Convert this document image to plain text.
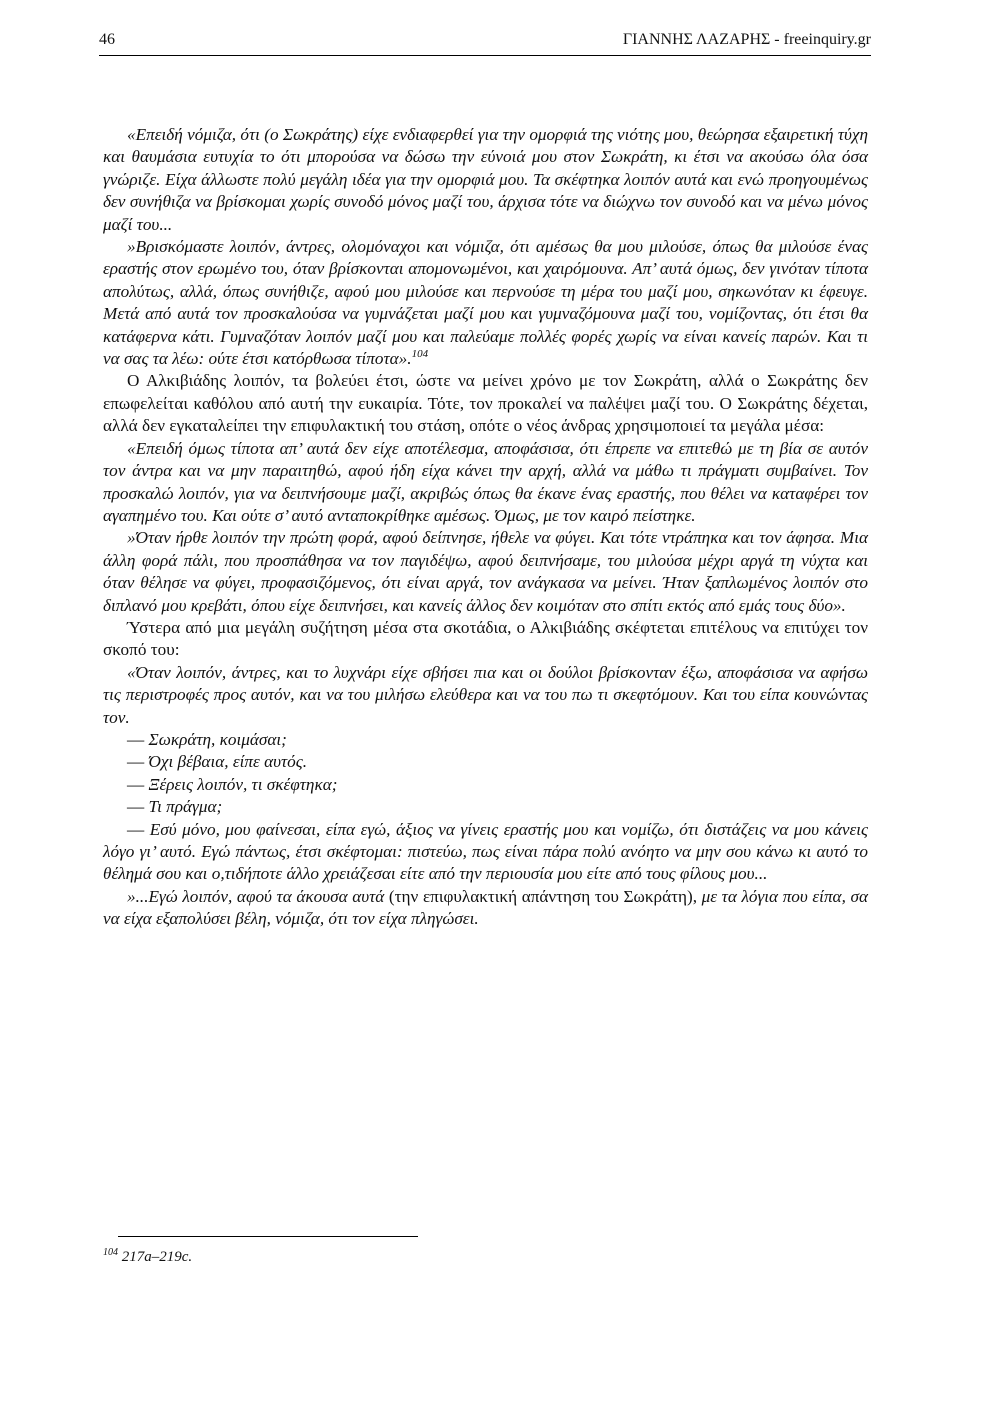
46	ΓΙΑΝΝΗΣ ΛΑΖΑΡΗΣ - freeinquiry.gr

«Επειδή νόμιζα, ότι (ο Σωκράτης) είχε ενδιαφερθεί για την ομορφιά της νιότης μου, θεώρησα εξαιρετική τύχη και θαυμάσια ευτυχία το ότι μπορούσα να δώσω την εύνοιά μου στον Σωκράτη, κι έτσι να ακούσω όλα όσα γνώριζε. Είχα άλλωστε πολύ μεγάλη ιδέα για την ομορφιά μου. Τα σκέφτηκα λοιπόν αυτά και ενώ προηγουμένως δεν συνήθιζα να βρίσκομαι χωρίς συνοδό μόνος μαζί του, άρχισα τότε να διώχνω τον συνοδό και να μένω μόνος μαζί του...

»Βρισκόμαστε λοιπόν, άντρες, ολομόναχοι και νόμιζα, ότι αμέσως θα μου μιλούσε, όπως θα μιλούσε ένας εραστής στον ερωμένο του, όταν βρίσκονται απομονωμένοι, και χαιρόμουνα. Απ’ αυτά όμως, δεν γινόταν τίποτα απολύτως, αλλά, όπως συνήθιζε, αφού μου μιλούσε και περνούσε τη μέρα του μαζί μου, σηκωνόταν κι έφευγε. Μετά από αυτά τον προσκαλούσα να γυμνάζεται μαζί μου και γυμναζόμουνα μαζί του, νομίζοντας, ότι έτσι θα κατάφερνα κάτι. Γυμναζόταν λοιπόν μαζί μου και παλεύαμε πολλές φορές χωρίς να είναι κανείς παρών. Και τι να σας τα λέω: ούτε έτσι κατόρθωσα τίποτα».$^{104}$

Ο Αλκιβιάδης λοιπόν, τα βολεύει έτσι, ώστε να μείνει χρόνο με τον Σωκράτη, αλλά ο Σωκράτης δεν επωφελείται καθόλου από αυτή την ευκαιρία. Τότε, τον προκαλεί να παλέψει μαζί του. Ο Σωκράτης δέχεται, αλλά δεν εγκαταλείπει την επιφυλακτική του στάση, οπότε ο νέος άνδρας χρησιμοποιεί τα μεγάλα μέσα:

«Επειδή όμως τίποτα απ’ αυτά δεν είχε αποτέλεσμα, αποφάσισα, ότι έπρεπε να επιτεθώ με τη βία σε αυτόν τον άντρα και να μην παραιτηθώ, αφού ήδη είχα κάνει την αρχή, αλλά να μάθω τι πράγματι συμβαίνει. Τον προσκαλώ λοιπόν, για να δειπνήσουμε μαζί, ακριβώς όπως θα έκανε ένας εραστής, που θέλει να καταφέρει τον αγαπημένο του. Και ούτε σ’ αυτό ανταποκρίθηκε αμέσως. Όμως, με τον καιρό πείστηκε.

»Όταν ήρθε λοιπόν την πρώτη φορά, αφού δείπνησε, ήθελε να φύγει. Και τότε ντράπηκα και τον άφησα. Μια άλλη φορά πάλι, που προσπάθησα να τον παγιδέψω, αφού δειπνήσαμε, του μιλούσα μέχρι αργά τη νύχτα και όταν θέλησε να φύγει, προφασιζόμενος, ότι είναι αργά, τον ανάγκασα να μείνει. Ήταν ξαπλωμένος λοιπόν στο διπλανό μου κρεβάτι, όπου είχε δειπνήσει, και κανείς άλλος δεν κοιμόταν στο σπίτι εκτός από εμάς τους δύο».

Ύστερα από μια μεγάλη συζήτηση μέσα στα σκοτάδια, ο Αλκιβιάδης σκέφτεται επιτέλους να επιτύχει τον σκοπό του:

«Όταν λοιπόν, άντρες, και το λυχνάρι είχε σβήσει πια και οι δούλοι βρίσκονταν έξω, αποφάσισα να αφήσω τις περιστροφές προς αυτόν, και να του μιλήσω ελεύθερα και να του πω τι σκεφτόμουν. Και του είπα κουνώντας τον.

— Σωκράτη, κοιμάσαι;

— Όχι βέβαια, είπε αυτός.

— Ξέρεις λοιπόν, τι σκέφτηκα;

— Τι πράγμα;

— Εσύ μόνο, μου φαίνεσαι, είπα εγώ, άξιος να γίνεις εραστής μου και νομίζω, ότι διστάζεις να μου κάνεις λόγο γι’ αυτό. Εγώ πάντως, έτσι σκέφτομαι: πιστεύω, πως είναι πάρα πολύ ανόητο να μην σου κάνω κι αυτό το θέλημά σου και ο,τιδήποτε άλλο χρειάζεσαι είτε από την περιουσία μου είτε από τους φίλους μου...

»...Εγώ λοιπόν, αφού τα άκουσα αυτά (την επιφυλακτική απάντηση του Σωκράτη), με τα λόγια που είπα, σα να είχα εξαπολύσει βέλη, νόμιζα, ότι τον είχα πληγώσει.

$^{104}$ 217a–219c.
